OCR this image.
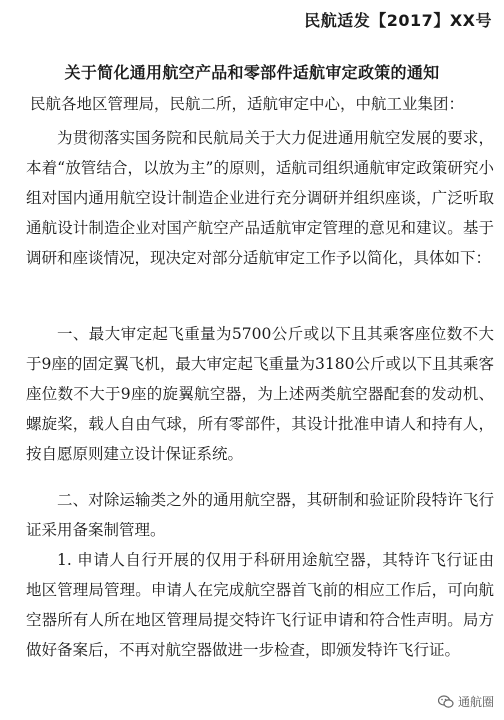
民航适发【2017】XX号
关于简化通用航空产品和零部件适航审定政策的通知
民航各地区管理局，民航二所，适航审定中心，中航工业集团：

为贯彻落实国务院和民航局关于大力促进通用航空发展的要求，本着“放管结合，以放为主”的原则，适航司组织通航审定政策研究小组对国内通用航空设计制造企业进行充分调研并组织座谈，广泛听取通航设计制造企业对国产航空产品适航审定管理的意见和建议。基于调研和座谈情况，现决定对部分适航审定工作予以简化，具体如下：

一、最大审定起飞重量为5700公斤或以下且其乘客座位数不大于9座的固定翼飞机，最大审定起飞重量为3180公斤或以下且其乘客座位数不大于9座的旋翼航空器，为上述两类航空器配套的发动机、螺旋桨，载人自由气球，所有零部件，其设计批准申请人和持有人，按自愿原则建立设计保证系统。

二、对除运输类之外的通用航空器，其研制和验证阶段特许飞行证采用备案制管理。

1. 申请人自行开展的仅用于科研用途航空器，其特许飞行证由地区管理局管理。申请人在完成航空器首飞前的相应工作后，可向航空器所有人所在地区管理局提交特许飞行证申请和符合性声明。局方做好备案后，不再对航空器做进一步检查，即颁发特许飞行证。

通航圈
